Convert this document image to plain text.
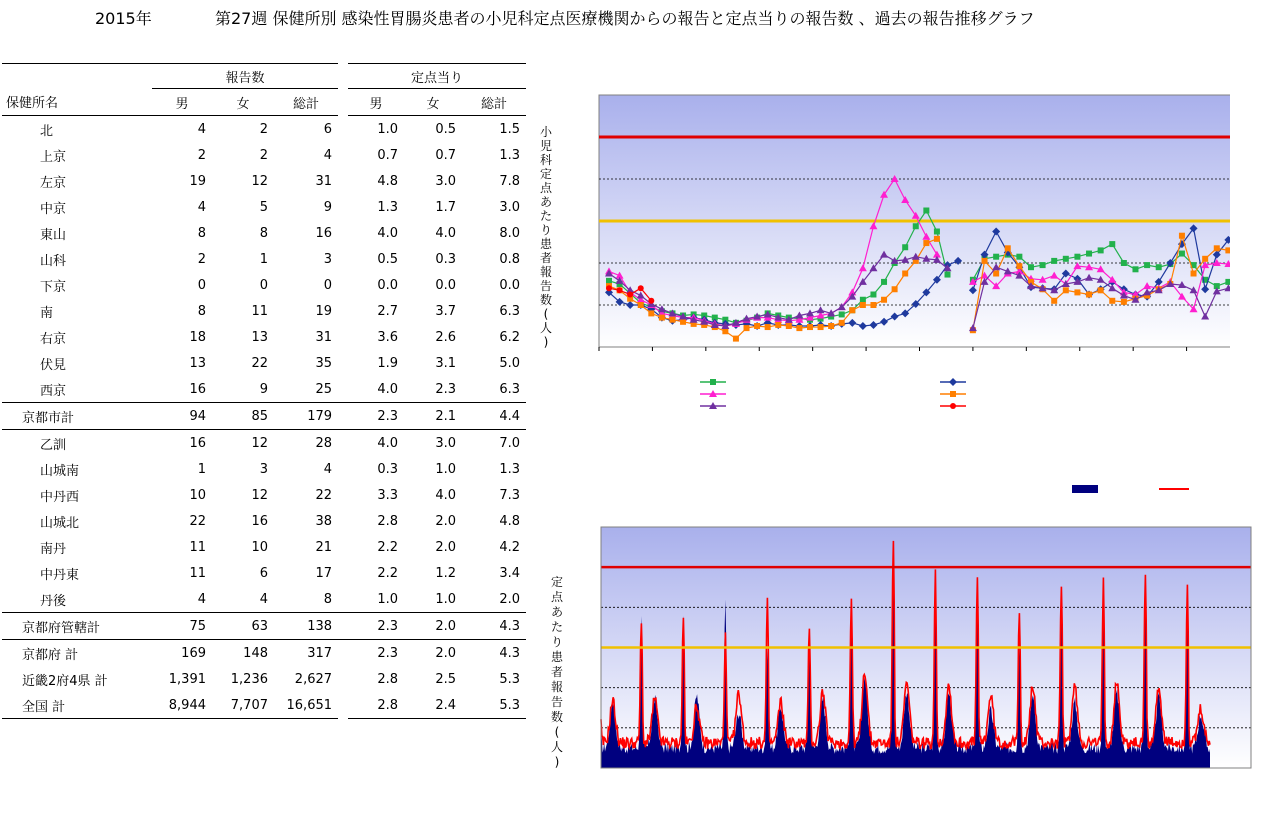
2015年	第27週 保健所別 感染性胃腸炎患者の小児科定点医療機関からの報告と定点当りの報告数 、過去の報告推移グラフ
	報告数				定点当り		
保健所名	男	女	総計		男	女	総計
北	4	2	6		1.0	0.5	1.5
上京	2	2	4		0.7	0.7	1.3
左京	19	12	31		4.8	3.0	7.8
中京	4	5	9		1.3	1.7	3.0
東山	8	8	16		4.0	4.0	8.0
山科	2	1	3		0.5	0.3	0.8
下京	0	0	0		0.0	0.0	0.0
南	8	11	19		2.7	3.7	6.3
右京	18	13	31		3.6	2.6	6.2
伏見	13	22	35		1.9	3.1	5.0
西京	16	9	25		4.0	2.3	6.3
京都市計	94	85	179		2.3	2.1	4.4
乙訓	16	12	28		4.0	3.0	7.0
山城南	1	3	4		0.3	1.0	1.3
中丹西	10	12	22		3.3	4.0	7.3
山城北	22	16	38		2.8	2.0	4.8
南丹	11	10	21		2.2	2.0	4.2
中丹東	11	6	17		2.2	1.2	3.4
丹後	4	4	8		1.0	1.0	2.0
京都府管轄計	75	63	138		2.3	2.0	4.3
京都府 計	169	148	317		2.3	2.0	4.3
近畿2府4県 計	1,391	1,236	2,627		2.8	2.5	5.3
全国 計	8,944	7,707	16,651		2.8	2.4	5.3
小児科定点あたり患者報告数(人)
定点あたり患者報告数(人)
